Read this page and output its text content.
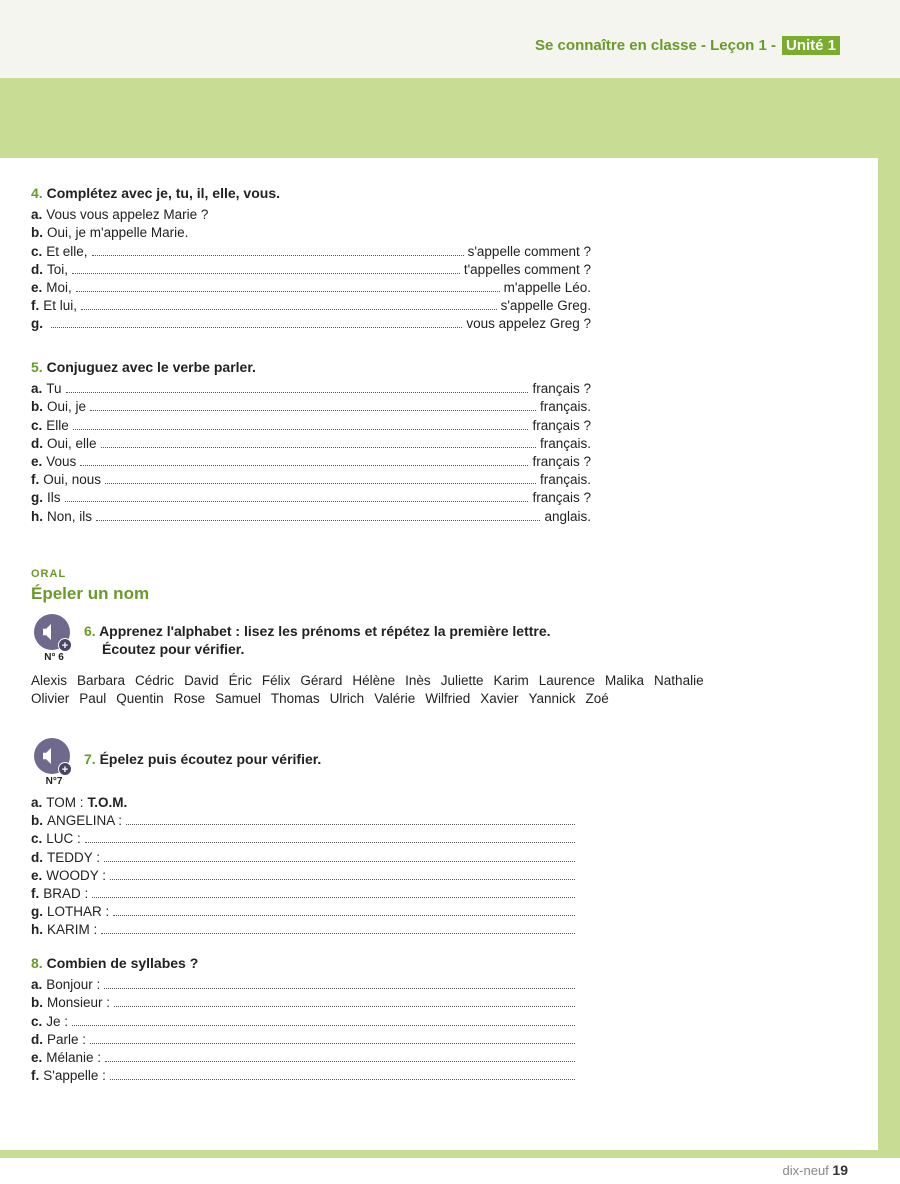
Se connaître en classe - Leçon 1 - Unité 1
4. Complétez avec je, tu, il, elle, vous.
a. Vous vous appelez Marie ?
b. Oui, je m'appelle Marie.
c. Et elle,	s'appelle comment ?
d. Toi,	t'appelles comment ?
e. Moi,	m'appelle Léo.
f. Et lui,	s'appelle Greg.
g.	vous appelez Greg ?
5. Conjuguez avec le verbe parler.
a. Tu	français ?
b. Oui, je	français.
c. Elle	français ?
d. Oui, elle	français.
e. Vous	français ?
f. Oui, nous	français.
g. Ils	français ?
h. Non, ils	anglais.
ORAL
Épeler un nom
+
N° 6
6. Apprenez l'alphabet : lisez les prénoms et répétez la première lettre.
Écoutez pour vérifier.
Alexis Barbara Cédric David Éric Félix Gérard Hélène Inès Juliette Karim Laurence Malika Nathalie
Olivier Paul Quentin Rose Samuel Thomas Ulrich Valérie Wilfried Xavier Yannick Zoé
+
N°7
7. Épelez puis écoutez pour vérifier.
a. TOM : T.O.M.
b. ANGELINA :
c. LUC :
d. TEDDY :
e. WOODY :
f. BRAD :
g. LOTHAR :
h. KARIM :
8. Combien de syllabes ?
a. Bonjour :
b. Monsieur :
c. Je :
d. Parle :
e. Mélanie :
f. S'appelle :
dix-neuf 19
